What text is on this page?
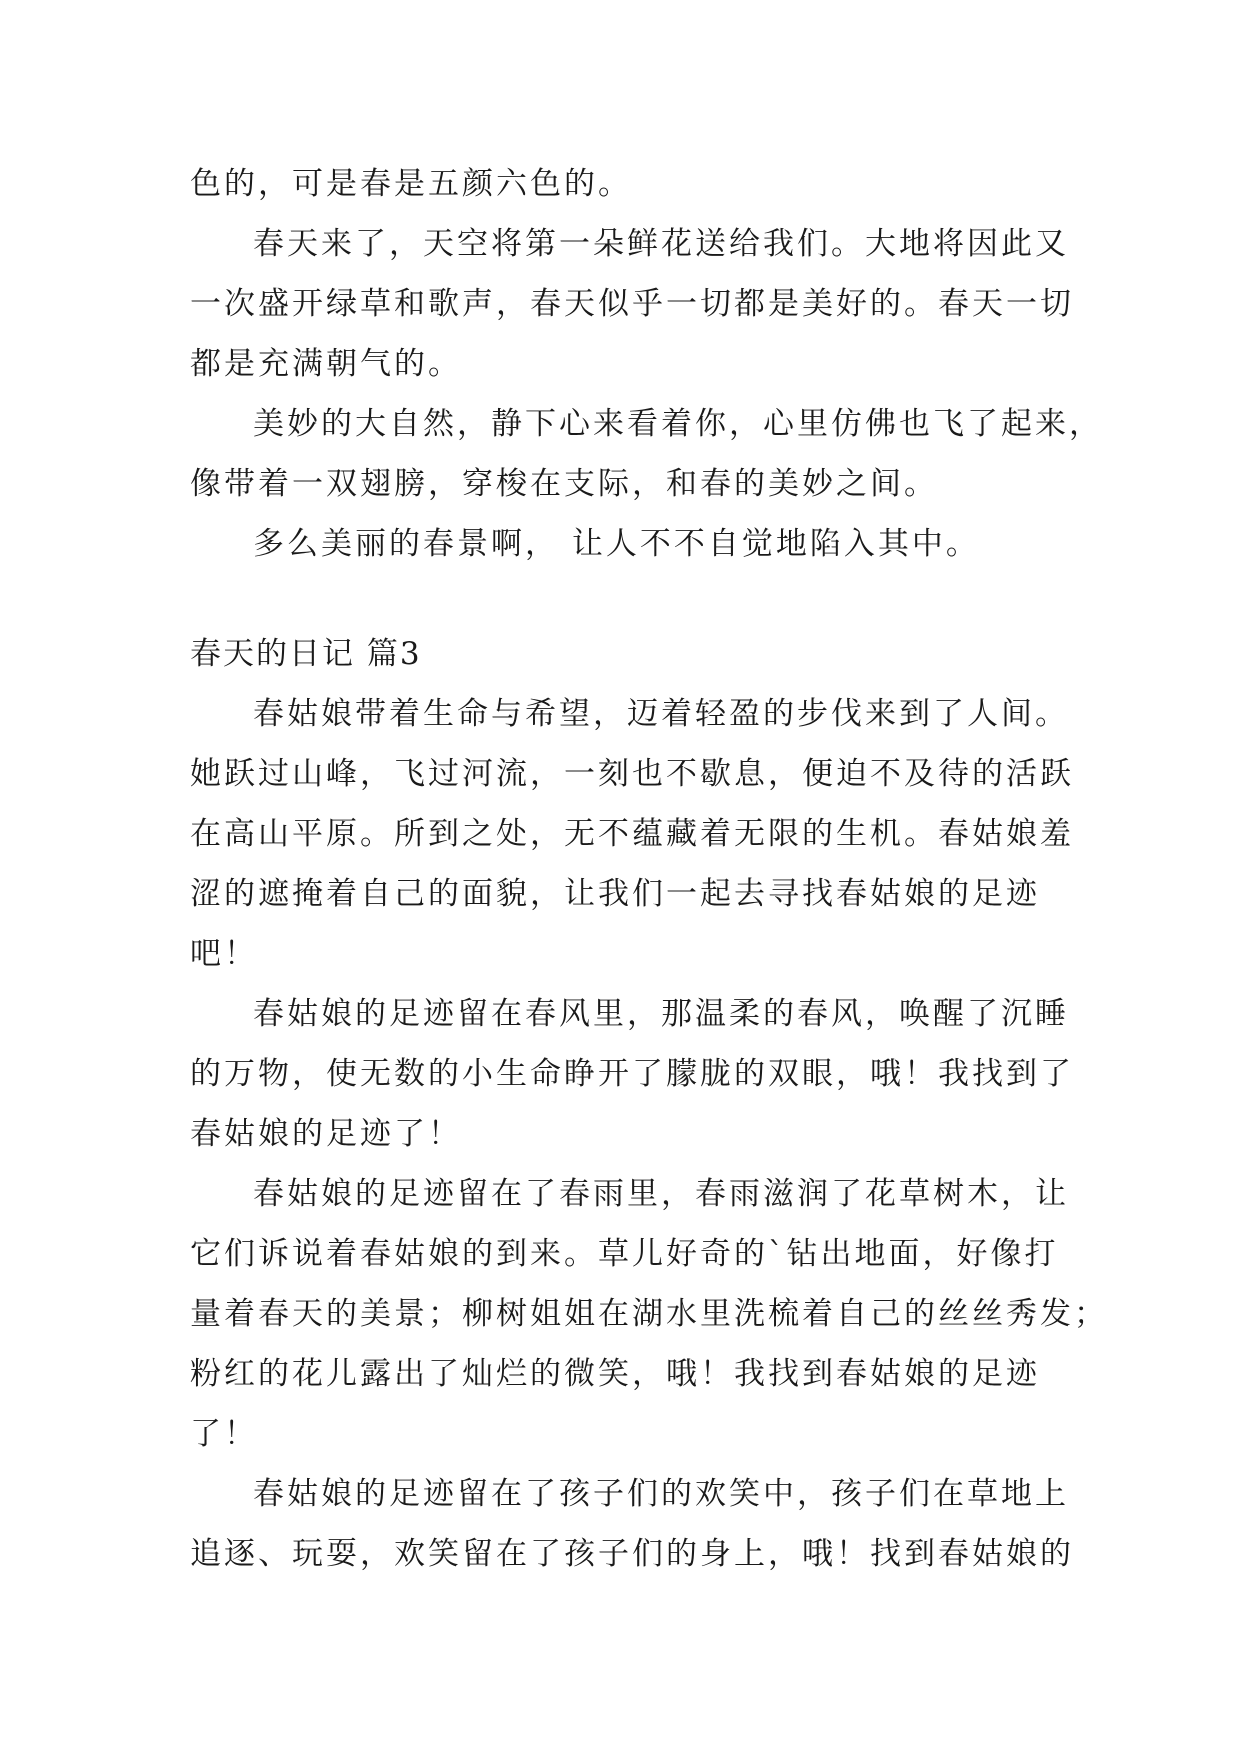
色的，可是春是五颜六色的。
春天来了，天空将第一朵鲜花送给我们。大地将因此又
一次盛开绿草和歌声，春天似乎一切都是美好的。春天一切
都是充满朝气的。
美妙的大自然，静下心来看着你，心里仿佛也飞了起来，
像带着一双翅膀，穿梭在支际，和春的美妙之间。
多么美丽的春景啊， 让人不不自觉地陷入其中。
春天的日记 篇3
春姑娘带着生命与希望，迈着轻盈的步伐来到了人间。
她跃过山峰，飞过河流，一刻也不歇息，便迫不及待的活跃
在高山平原。所到之处，无不蕴藏着无限的生机。春姑娘羞
涩的遮掩着自己的面貌，让我们一起去寻找春姑娘的足迹
吧！
春姑娘的足迹留在春风里，那温柔的春风，唤醒了沉睡
的万物，使无数的小生命睁开了朦胧的双眼，哦！我找到了
春姑娘的足迹了！
春姑娘的足迹留在了春雨里，春雨滋润了花草树木，让
它们诉说着春姑娘的到来。草儿好奇的`钻出地面，好像打
量着春天的美景；柳树姐姐在湖水里洗梳着自己的丝丝秀发；
粉红的花儿露出了灿烂的微笑，哦！我找到春姑娘的足迹
了！
春姑娘的足迹留在了孩子们的欢笑中，孩子们在草地上
追逐、玩耍，欢笑留在了孩子们的身上，哦！找到春姑娘的
